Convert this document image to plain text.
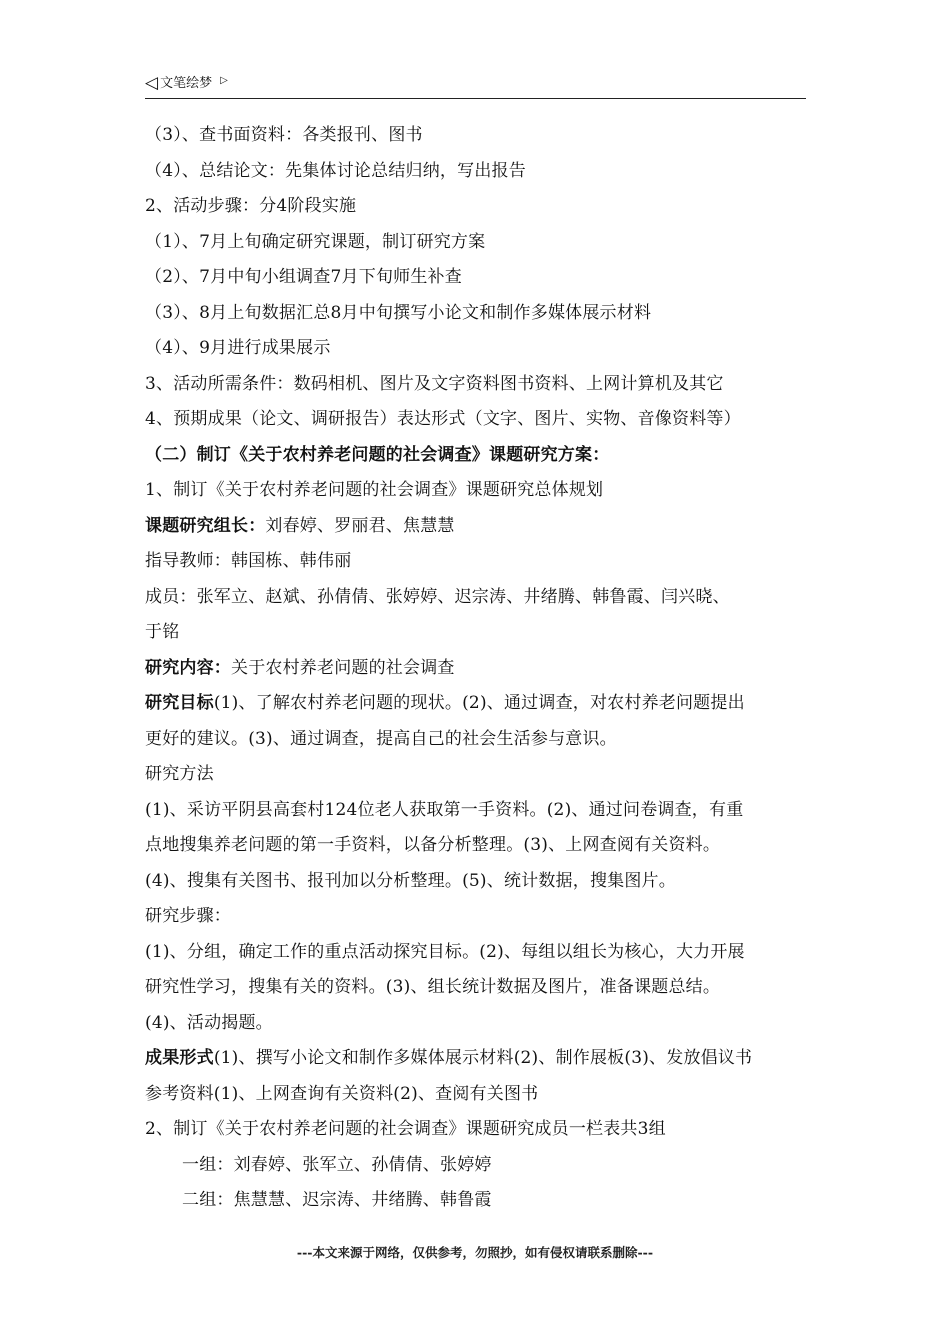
◁ 文笔绘梦 ▷
（3）、查书面资料：各类报刊、图书
（4）、总结论文：先集体讨论总结归纳，写出报告
2、活动步骤：分4阶段实施
（1）、7月上旬确定研究课题，制订研究方案
（2）、7月中旬小组调查7月下旬师生补查
（3）、8月上旬数据汇总8月中旬撰写小论文和制作多媒体展示材料
（4）、9月进行成果展示
3、活动所需条件：数码相机、图片及文字资料图书资料、上网计算机及其它
4、预期成果（论文、调研报告）表达形式（文字、图片、实物、音像资料等）
（二）制订《关于农村养老问题的社会调查》课题研究方案：
1、制订《关于农村养老问题的社会调查》课题研究总体规划
课题研究组长：刘春婷、罗丽君、焦慧慧
指导教师：韩国栋、韩伟丽
成员：张军立、赵斌、孙倩倩、张婷婷、迟宗涛、井绪腾、韩鲁霞、闫兴晓、
于铭
研究内容：关于农村养老问题的社会调查
研究目标(1)、了解农村养老问题的现状。(2)、通过调查，对农村养老问题提出
更好的建议。(3)、通过调查，提高自己的社会生活参与意识。
研究方法
(1)、采访平阴县高套村124位老人获取第一手资料。(2)、通过问卷调查，有重
点地搜集养老问题的第一手资料，以备分析整理。(3)、上网查阅有关资料。
(4)、搜集有关图书、报刊加以分析整理。(5)、统计数据，搜集图片。
研究步骤：
(1)、分组，确定工作的重点活动探究目标。(2)、每组以组长为核心，大力开展
研究性学习，搜集有关的资料。(3)、组长统计数据及图片，准备课题总结。
(4)、活动揭题。
成果形式(1)、撰写小论文和制作多媒体展示材料(2)、制作展板(3)、发放倡议书
参考资料(1)、上网查询有关资料(2)、查阅有关图书
2、制订《关于农村养老问题的社会调查》课题研究成员一栏表共3组
一组：刘春婷、张军立、孙倩倩、张婷婷
二组：焦慧慧、迟宗涛、井绪腾、韩鲁霞
---本文来源于网络，仅供参考，勿照抄，如有侵权请联系删除---
